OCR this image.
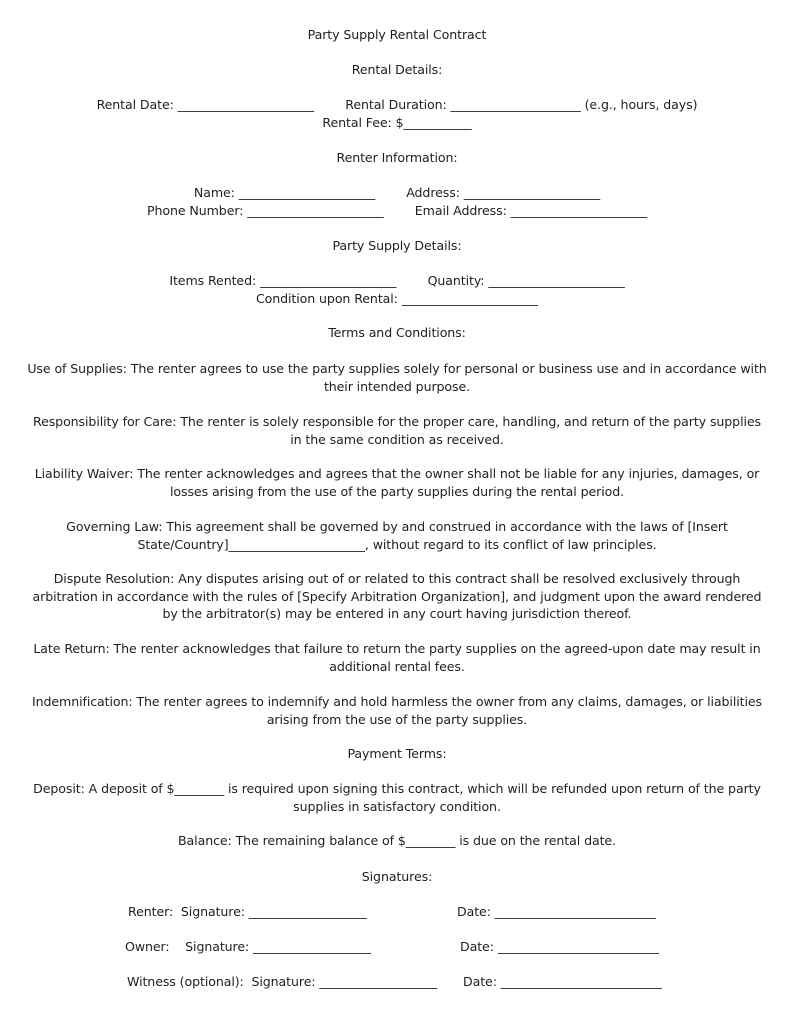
Party Supply Rental Contract
Rental Details:
Rental Date: ______________________        Rental Duration: _____________________ (e.g., hours, days)
Rental Fee: $___________
Renter Information:
Name: ______________________        Address: ______________________
Phone Number: ______________________        Email Address: ______________________
Party Supply Details:
Items Rented: ______________________        Quantity: ______________________
Condition upon Rental: ______________________
Terms and Conditions:

Use of Supplies: The renter agrees to use the party supplies solely for personal or business use and in accordance with their intended purpose.

Responsibility for Care: The renter is solely responsible for the proper care, handling, and return of the party supplies in the same condition as received.

Liability Waiver: The renter acknowledges and agrees that the owner shall not be liable for any injuries, damages, or losses arising from the use of the party supplies during the rental period.

Governing Law: This agreement shall be governed by and construed in accordance with the laws of [Insert State/Country]______________________, without regard to its conflict of law principles.

Dispute Resolution: Any disputes arising out of or related to this contract shall be resolved exclusively through arbitration in accordance with the rules of [Specify Arbitration Organization], and judgment upon the award rendered by the arbitrator(s) may be entered in any court having jurisdiction thereof.

Late Return: The renter acknowledges that failure to return the party supplies on the agreed-upon date may result in additional rental fees.

Indemnification: The renter agrees to indemnify and hold harmless the owner from any claims, damages, or liabilities arising from the use of the party supplies.

Payment Terms:

Deposit: A deposit of $________ is required upon signing this contract, which will be refunded upon return of the party supplies in satisfactory condition.

Balance: The remaining balance of $________ is due on the rental date.
Signatures:
Renter:  Signature: ___________________	Date: __________________________
Owner:    Signature: ___________________	Date: __________________________
Witness (optional):  Signature: ___________________ Date: __________________________
